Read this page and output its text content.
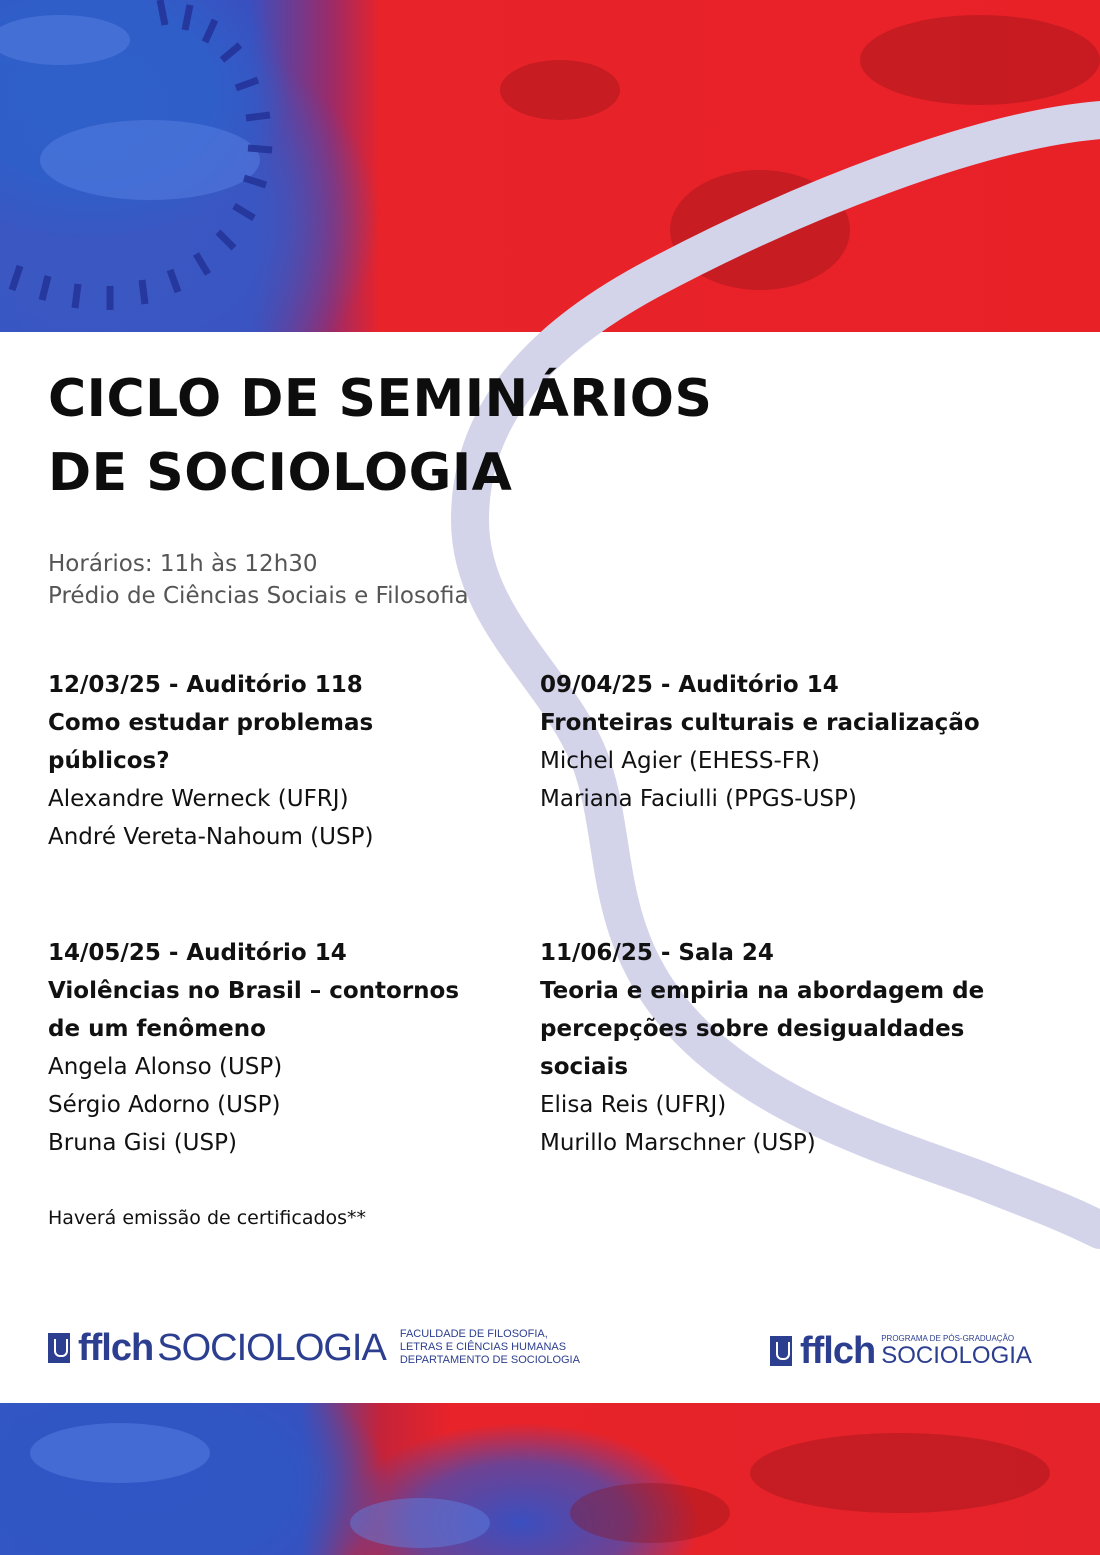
CICLO DE SEMINÁRIOS
DE SOCIOLOGIA
Horários: 11h às 12h30
Prédio de Ciências Sociais e Filosofia
12/03/25 - Auditório 118
Como estudar problemas
públicos?
Alexandre Werneck (UFRJ)
André Vereta-Nahoum (USP)
09/04/25 - Auditório 14
Fronteiras culturais e racialização
Michel Agier (EHESS-FR)
Mariana Faciulli (PPGS-USP)
14/05/25 - Auditório 14
Violências no Brasil – contornos
de um fenômeno
Angela Alonso (USP)
Sérgio Adorno (USP)
Bruna Gisi (USP)
11/06/25 - Sala 24
Teoria e empiria na abordagem de
percepções sobre desigualdades
sociais
Elisa Reis (UFRJ)
Murillo Marschner (USP)
Haverá emissão de certificados**
fflch SOCIOLOGIA FACULDADE DE FILOSOFIA,
LETRAS E CIÊNCIAS HUMANAS
DEPARTAMENTO DE SOCIOLOGIA	fflch PROGRAMA DE PÓS-GRADUAÇÃO
SOCIOLOGIA
